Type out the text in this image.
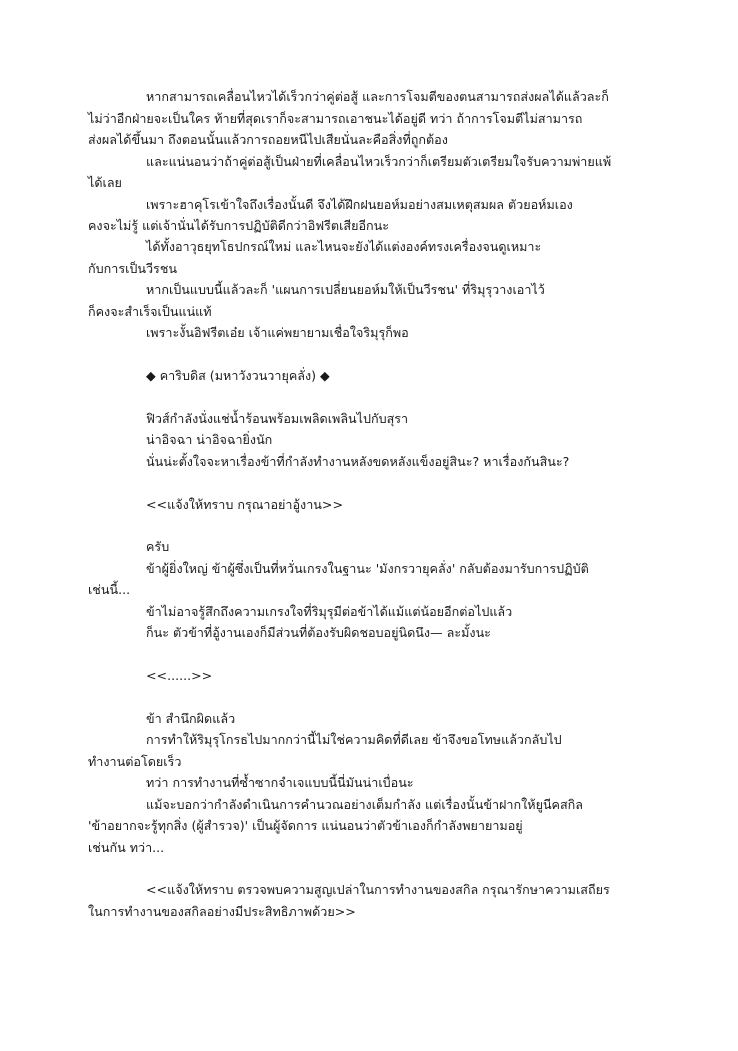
หากสามารถเคลื่อนไหวได้เร็วกว่าคู่ต่อสู้ และการโจมตีของตนสามารถส่งผลได้แล้วละก็

ไม่ว่าอีกฝ่ายจะเป็นใคร ท้ายที่สุดเราก็จะสามารถเอาชนะได้อยู่ดี ทว่า ถ้าการโจมตีไม่สามารถ

ส่งผลได้ขึ้นมา ถึงตอนนั้นแล้วการถอยหนีไปเสียนั่นละคือสิ่งที่ถูกต้อง

และแน่นอนว่าถ้าคู่ต่อสู้เป็นฝ่ายที่เคลื่อนไหวเร็วกว่าก็เตรียมตัวเตรียมใจรับความพ่ายแพ้

ได้เลย

เพราะฮาคุโรเข้าใจถึงเรื่องนั้นดี จึงได้ฝึกฝนยอห์มอย่างสมเหตุสมผล ตัวยอห์มเอง

คงจะไม่รู้ แต่เจ้านั่นได้รับการปฏิบัติดีกว่าอิฟรีตเสียอีกนะ

ได้ทั้งอาวุธยุทโธปกรณ์ใหม่ และไหนจะยังได้แต่งองค์ทรงเครื่องจนดูเหมาะ

กับการเป็นวีรชน

หากเป็นแบบนี้แล้วละก็ 'แผนการเปลี่ยนยอห์มให้เป็นวีรชน' ที่ริมุรุวางเอาไว้

ก็คงจะสำเร็จเป็นแน่แท้

เพราะงั้นอิฟรีตเอ๋ย เจ้าแค่พยายามเชื่อใจริมุรุก็พอ

◆ คาริบดิส (มหาวังวนวายุคลั่ง) ◆

ฟิวส์กำลังนั่งแช่น้ำร้อนพร้อมเพลิดเพลินไปกับสุรา

น่าอิจฉา น่าอิจฉายิ่งนัก

นั่นน่ะตั้งใจจะหาเรื่องข้าที่กำลังทำงานหลังขดหลังแข็งอยู่สินะ? หาเรื่องกันสินะ?

<<แจ้งให้ทราบ กรุณาอย่าอู้งาน>>

ครับ

ข้าผู้ยิ่งใหญ่ ข้าผู้ซึ่งเป็นที่หวั่นเกรงในฐานะ 'มังกรวายุคลั่ง' กลับต้องมารับการปฏิบัติ

เช่นนี้...

ข้าไม่อาจรู้สึกถึงความเกรงใจที่ริมุรุมีต่อข้าได้แม้แต่น้อยอีกต่อไปแล้ว

ก็นะ ตัวข้าที่อู้งานเองก็มีส่วนที่ต้องรับผิดชอบอยู่นิดนึง— ละมั้งนะ

<<......>>

ข้า สำนึกผิดแล้ว

การทำให้ริมุรุโกรธไปมากกว่านี้ไม่ใช่ความคิดที่ดีเลย ข้าจึงขอโทษแล้วกลับไป

ทำงานต่อโดยเร็ว

ทว่า การทำงานที่ซ้ำซากจำเจแบบนี้นี่มันน่าเบื่อนะ

แม้จะบอกว่ากำลังดำเนินการคำนวณอย่างเต็มกำลัง แต่เรื่องนั้นข้าฝากให้ยูนีคสกิล

'ข้าอยากจะรู้ทุกสิ่ง (ผู้สำรวจ)' เป็นผู้จัดการ แน่นอนว่าตัวข้าเองก็กำลังพยายามอยู่

เช่นกัน ทว่า...

<<แจ้งให้ทราบ ตรวจพบความสูญเปล่าในการทำงานของสกิล กรุณารักษาความเสถียร

ในการทำงานของสกิลอย่างมีประสิทธิภาพด้วย>>
